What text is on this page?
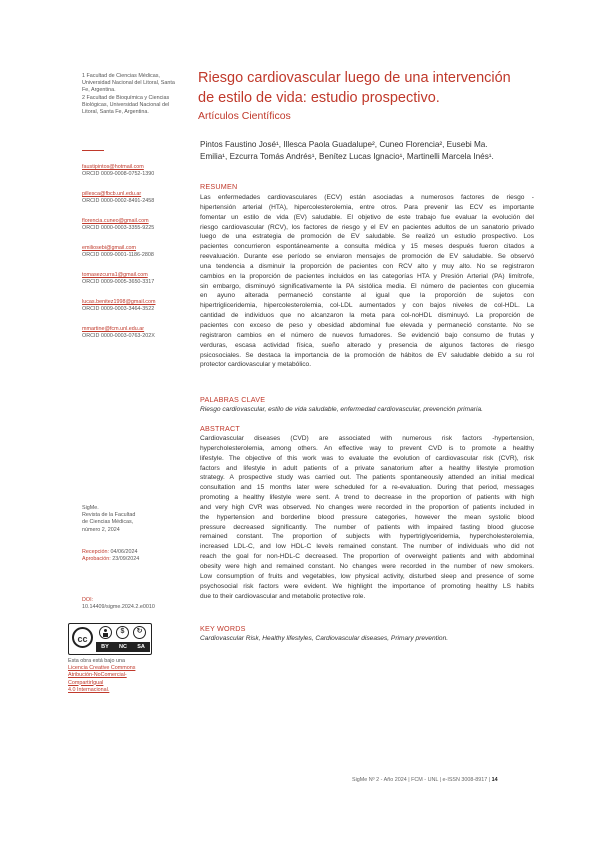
1 Facultad de Ciencias Médicas, Universidad Nacional del Litoral, Santa Fe, Argentina.
2 Facultad de Bioquímica y Ciencias Biológicas, Universidad Nacional del Litoral, Santa Fe, Argentina.
faustipintos@hotmail.com
ORCID 0009-0008-0752-1390
pillesca@fbcb.unl.edu.ar
ORCID 0000-0002-8491-2458
florencia.cuneo@gmail.com
ORCID 0000-0003-3355-9225
emiliosebi@gmail.com
ORCID 0009-0001-1186-2808
tomasezcurra1@gmail.com
ORCID 0009-0005-3650-3317
lucas.benitez1998@gmail.com
ORCID 0009-0003-3464-3522
mmartine@fcm.unl.edu.ar
ORCID 0000-0003-0763-202X
SigMe.
Revista de la Facultad
de Ciencias Médicas,
número 2, 2024
Recepción: 04/06/2024
Aprobación: 23/09/2024
DOI:
10.14409/sigme.2024.2.e0010
cc
$	↻
BY NC SA
Esta obra está bajo una
Licencia Creative Commons
Atribución-NoComercial-
CompartirIgual
4.0 Internacional.
Riesgo cardiovascular luego de una intervención
de estilo de vida: estudio prospectivo.
Artículos Científicos
Pintos Faustino José¹, Illesca Paola Guadalupe², Cuneo Florencia², Eusebi Ma.
Emilia¹, Ezcurra Tomás Andrés¹, Benítez Lucas Ignacio¹, Martinelli Marcela Inés¹.
RESUMEN
Las enfermedades cardiovasculares (ECV) están asociadas a numerosos factores de riesgo -
hipertensión arterial (HTA), hipercolesterolemia, entre otros. Para prevenir las ECV es importante
fomentar un estilo de vida (EV) saludable. El objetivo de este trabajo fue evaluar la evolución del
riesgo cardiovascular (RCV), los factores de riesgo y el EV en pacientes adultos de un sanatorio privado
luego de una estrategia de promoción de EV saludable. Se realizó un estudio prospectivo. Los
pacientes concurrieron espontáneamente a consulta médica y 15 meses después fueron citados a
reevaluación. Durante ese período se enviaron mensajes de promoción de EV saludable. Se observó
una tendencia a disminuir la proporción de pacientes con RCV alto y muy alto. No se registraron
cambios en la proporción de pacientes incluidos en las categorías HTA y Presión Arterial (PA) limítrofe,
sin embargo, disminuyó significativamente la PA sistólica media. El número de pacientes con glucemia
en ayuno alterada permaneció constante al igual que la proporción de sujetos con
hipertrigliceridemia, hipercolesterolemia, col-LDL aumentados y con bajos niveles de col-HDL. La
cantidad de individuos que no alcanzaron la meta para col-noHDL disminuyó. La proporción de
pacientes con exceso de peso y obesidad abdominal fue elevada y permaneció constante. No se
registraron cambios en el número de nuevos fumadores. Se evidenció bajo consumo de frutas y
verduras, escasa actividad física, sueño alterado y presencia de algunos factores de riesgo
psicosociales. Se destaca la importancia de la promoción de hábitos de EV saludable debido a su rol
protector cardiovascular y metabólico.
PALABRAS CLAVE
Riesgo cardiovascular, estilo de vida saludable, enfermedad cardiovascular, prevención primaria.
ABSTRACT
Cardiovascular diseases (CVD) are associated with numerous risk factors -hypertension,
hypercholesterolemia, among others. An effective way to prevent CVD is to promote a healthy
lifestyle. The objective of this work was to evaluate the evolution of cardiovascular risk (CVR), risk
factors and lifestyle in adult patients of a private sanatorium after a healthy lifestyle promotion
strategy. A prospective study was carried out. The patients spontaneously attended an initial medical
consultation and 15 months later were scheduled for a re-evaluation. During that period, messages
promoting a healthy lifestyle were sent. A trend to decrease in the proportion of patients with high
and very high CVR was observed. No changes were recorded in the proportion of patients included in
the hypertension and borderline blood pressure categories, however the mean systolic blood
pressure decreased significantly. The number of patients with impaired fasting blood glucose
remained constant. The proportion of subjects with hypertriglyceridemia, hypercholesterolemia,
increased LDL-C, and low HDL-C levels remained constant. The number of individuals who did not
reach the goal for non-HDL-C decreased. The proportion of overweight patients and with abdominal
obesity were high and remained constant. No changes were recorded in the number of new smokers.
Low consumption of fruits and vegetables, low physical activity, disturbed sleep and presence of some
psychosocial risk factors were evident. We highlight the importance of promoting healthy LS habits
due to their cardiovascular and metabolic protective role.
KEY WORDS
Cardiovascular Risk, Healthy lifestyles, Cardiovascular diseases, Primary prevention.
SigMe Nº 2 - Año 2024 | FCM - UNL | e-ISSN 3008-8917 | 14
